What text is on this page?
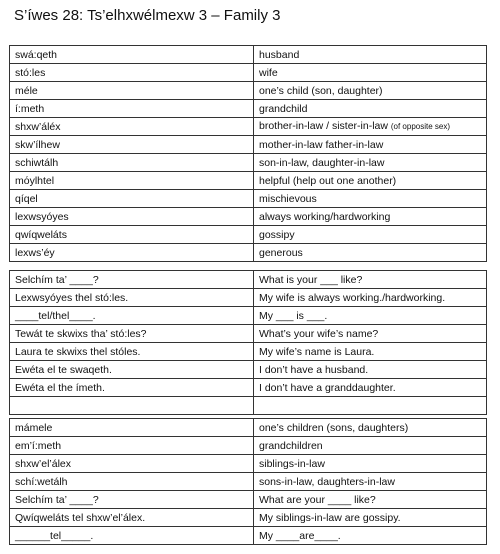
S’íwes 28: Ts’elhxwélmexw 3 – Family 3
swá:qeth	husband
stó:les	wife
méle	one’s child (son, daughter)
í:meth	grandchild
shxw’áléx	brother-in-law / sister-in-law (of opposite sex)
skw’ílhew	mother-in-law father-in-law
schiwtálh	son-in-law, daughter-in-law
mόylhtel	helpful (help out one another)
qíqel	mischievous
lexwsyóyes	always working/hardworking
qwíqweláts	gossipy
lexws’éy	generous
Selchím ta’ ____?	What is your ___ like?
Lexwsyóyes thel stó:les.	My wife is always working./hardworking.
____tel/thel____.	My ___ is ___.
Tewát te skwixs tha’ stó:les?	What’s your wife’s name?
Laura te skwixs thel stóles.	My wife’s name is Laura.
Ewéta el te swaqeth.	I don’t have a husband.
Ewéta el the ímeth.	I don’t have a granddaughter.

mámele	one’s children (sons, daughters)
em’í:meth	grandchildren
shxw’el’álex	siblings-in-law
schí:wetálh	sons-in-law, daughters-in-law
Selchím ta’ ____?	What are your ____ like?
Qwíqweláts tel shxw’el’álex.	My siblings-in-law are gossipy.
______tel_____.	My ____are____.
